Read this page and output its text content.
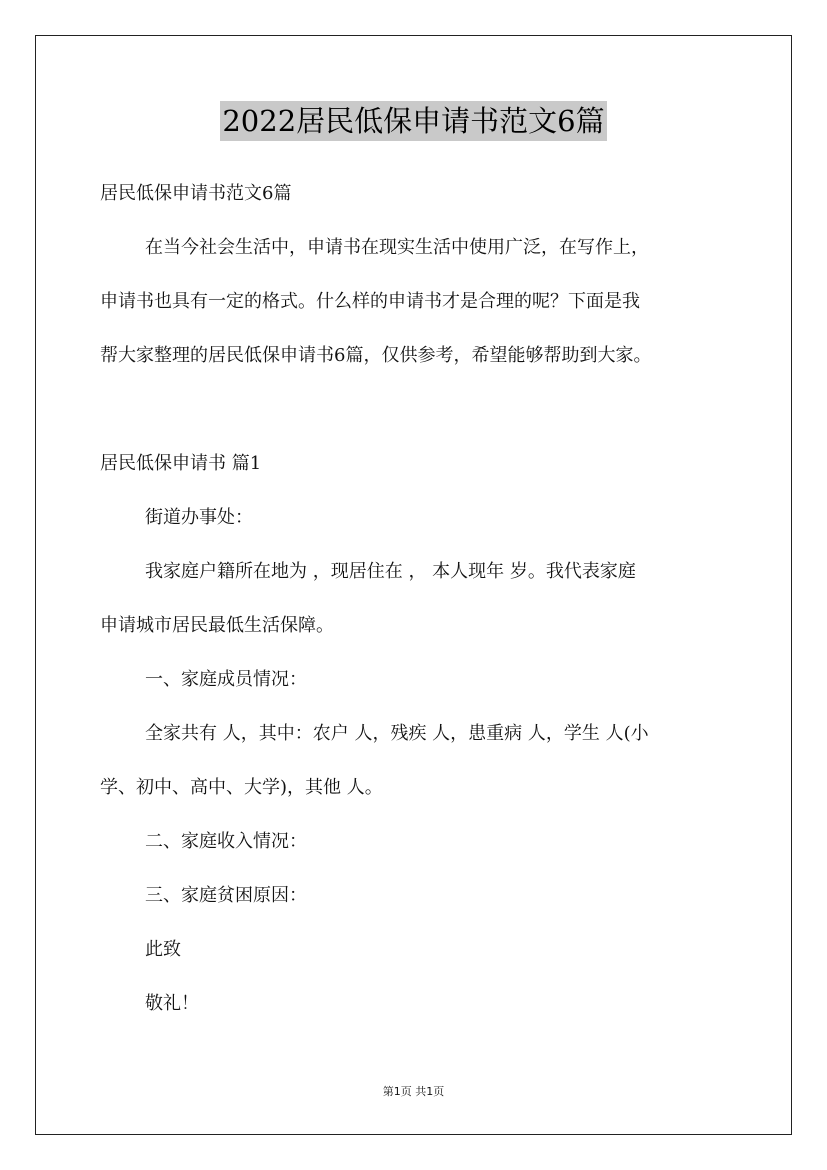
2022居民低保申请书范文6篇
居民低保申请书范文6篇
在当今社会生活中，申请书在现实生活中使用广泛，在写作上，
申请书也具有一定的格式。什么样的申请书才是合理的呢？下面是我
帮大家整理的居民低保申请书6篇，仅供参考，希望能够帮助到大家。
居民低保申请书 篇1
街道办事处：
我家庭户籍所在地为 ，现居住在 ， 本人现年 岁。我代表家庭
申请城市居民最低生活保障。
一、家庭成员情况：
全家共有 人，其中：农户 人，残疾 人，患重病 人，学生 人(小
学、初中、高中、大学)，其他 人。
二、家庭收入情况：
三、家庭贫困原因：
此致
敬礼！
第1页 共1页
